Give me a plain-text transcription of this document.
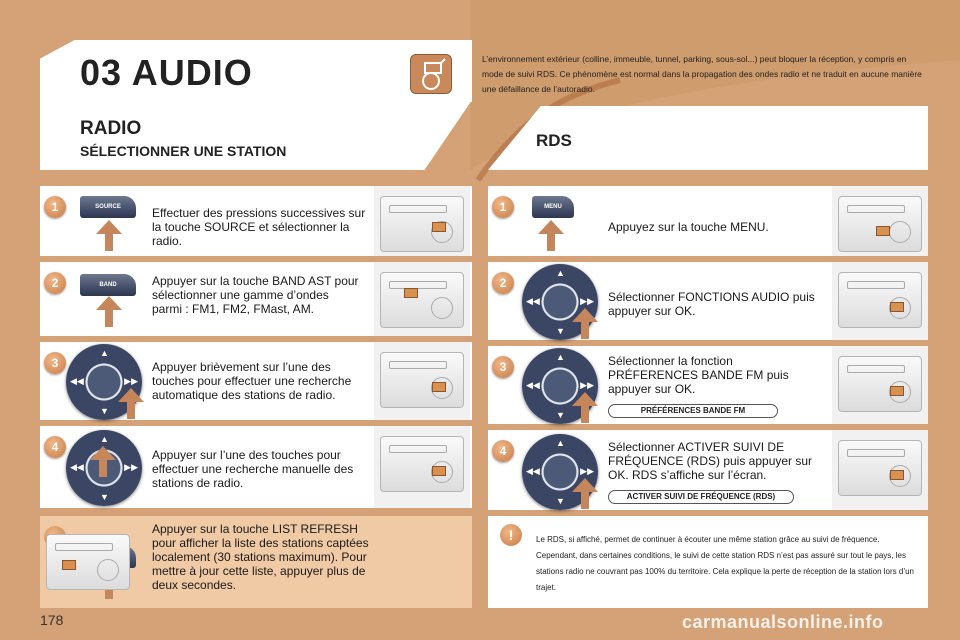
03 AUDIO	L’environnement extérieur (colline, immeuble, tunnel, parking, sous-sol...) peut bloquer la réception, y compris en mode de suivi RDS. Ce phénomène est normal dans la propagation des ondes radio et ne traduit en aucune manière une défaillance de l’autoradio.
RADIO
SÉLECTIONNER UNE STATION
RDS
1	SOURCE	Effectuer des pressions successives sur la touche SOURCE et sélectionner la radio.
2	BAND	Appuyer sur la touche BAND AST pour sélectionner une gamme d’ondes parmi : FM1, FM2, FMast, AM.
3
▲
▼
◀◀	▶▶
Appuyer brièvement sur l’une des touches pour effectuer une recherche automatique des stations de radio.
4
▲
▼
◀◀	▶▶
Appuyer sur l’une des touches pour effectuer une recherche manuelle des stations de radio.
Appuyer sur la touche LIST REFRESH pour afficher la liste des stations captées localement (30 stations maximum). Pour mettre à jour cette liste, appuyer plus de deux secondes.
1	MENU
Appuyez sur la touche MENU.
2
▲
▼
◀◀	▶▶ Sélectionner FONCTIONS AUDIO puis appuyer sur OK.
3
▲
▼
◀◀	▶▶
Sélectionner la fonction PRÉFERENCES BANDE FM puis appuyer sur OK.
PRÉFÉRENCES BANDE FM
4
▲
▼
◀◀	▶▶
Sélectionner ACTIVER SUIVI DE FRÉQUENCE (RDS) puis appuyer sur OK. RDS s’affiche sur l’écran.
ACTIVER SUIVI DE FRÉQUENCE (RDS)
!	Le RDS, si affiché, permet de continuer à écouter une même station grâce au suivi de fréquence. Cependant, dans certaines conditions, le suivi de cette station RDS n’est pas assuré sur tout le pays, les stations radio ne couvrant pas 100% du territoire. Cela explique la perte de réception de la station lors d’un trajet.
178	carmanualsonline.info
